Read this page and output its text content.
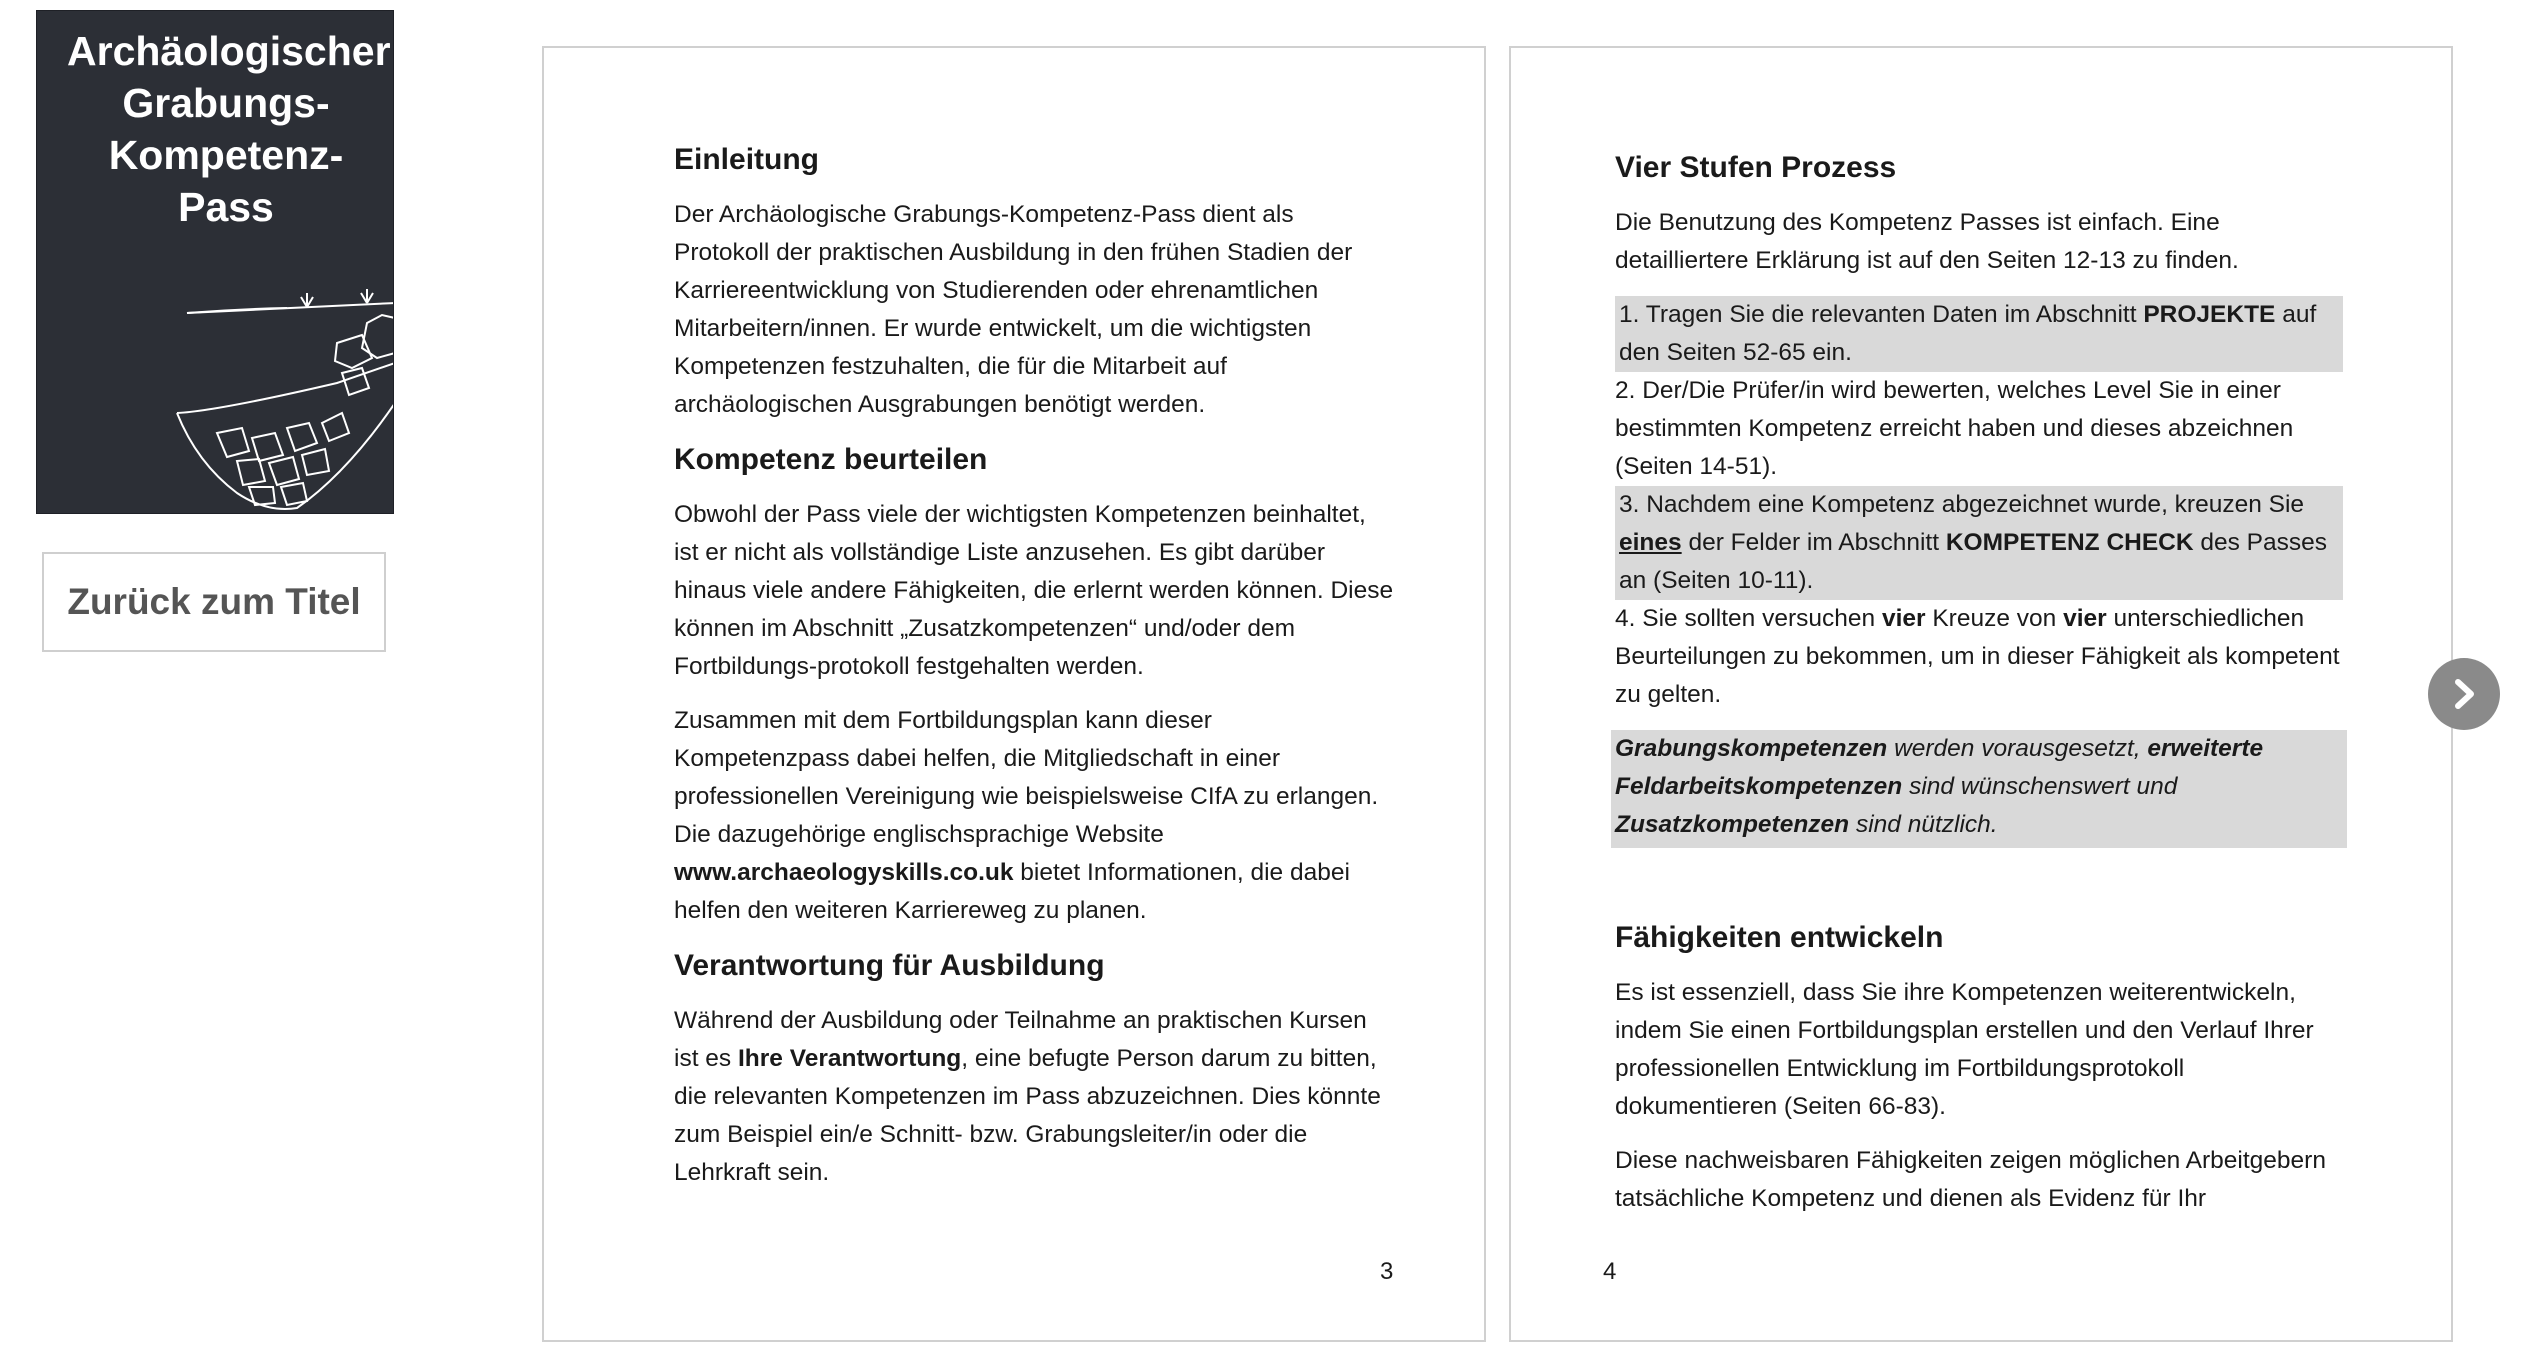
Archäologischer
Grabungs-
Kompetenz-Pass
Zurück zum Titel
Einleitung

Der Archäologische Grabungs-Kompetenz-Pass dient als Protokoll der praktischen Ausbildung in den frühen Stadien der Karriereentwicklung von Studierenden oder ehrenamtlichen Mitarbeitern/innen. Er wurde entwickelt, um die wichtigsten Kompetenzen festzuhalten, die für die Mitarbeit auf archäologischen Ausgrabungen benötigt werden.

Kompetenz beurteilen

Obwohl der Pass viele der wichtigsten Kompetenzen beinhaltet, ist er nicht als vollständige Liste anzusehen. Es gibt darüber hinaus viele andere Fähigkeiten, die erlernt werden können. Diese können im Abschnitt „Zusatzkompetenzen“ und/oder dem Fortbildungs-protokoll festgehalten werden.

Zusammen mit dem Fortbildungsplan kann dieser Kompetenzpass dabei helfen, die Mitgliedschaft in einer professionellen Vereinigung wie beispielsweise CIfA zu erlangen. Die dazugehörige englischsprachige Website www.archaeologyskills.co.uk bietet Informationen, die dabei helfen den weiteren Karriereweg zu planen.

Verantwortung für Ausbildung

Während der Ausbildung oder Teilnahme an praktischen Kursen ist es Ihre Verantwortung, eine befugte Person darum zu bitten, die relevanten Kompetenzen im Pass abzuzeichnen. Dies könnte zum Beispiel ein/e Schnitt- bzw. Grabungsleiter/in oder die Lehrkraft sein.

3
Vier Stufen Prozess

Die Benutzung des Kompetenz Passes ist einfach. Eine detailliertere Erklärung ist auf den Seiten 12-13 zu finden.

1. Tragen Sie die relevanten Daten im Abschnitt PROJEKTE auf den Seiten 52-65 ein.
2. Der/Die Prüfer/in wird bewerten, welches Level Sie in einer bestimmten Kompetenz erreicht haben und dieses abzeichnen (Seiten 14-51).
3. Nachdem eine Kompetenz abgezeichnet wurde, kreuzen Sie eines der Felder im Abschnitt KOMPETENZ CHECK des Passes an (Seiten 10-11).
4. Sie sollten versuchen vier Kreuze von vier unterschiedlichen Beurteilungen zu bekommen, um in dieser Fähigkeit als kompetent zu gelten.
Grabungskompetenzen werden vorausgesetzt, erweiterte Feldarbeitskompetenzen sind wünschenswert und Zusatzkompetenzen sind nützlich.
Fähigkeiten entwickeln

Es ist essenziell, dass Sie ihre Kompetenzen weiterentwickeln, indem Sie einen Fortbildungsplan erstellen und den Verlauf Ihrer professionellen Entwicklung im Fortbildungsprotokoll dokumentieren (Seiten 66-83).

Diese nachweisbaren Fähigkeiten zeigen möglichen Arbeitgebern tatsächliche Kompetenz und dienen als Evidenz für Ihr

4
